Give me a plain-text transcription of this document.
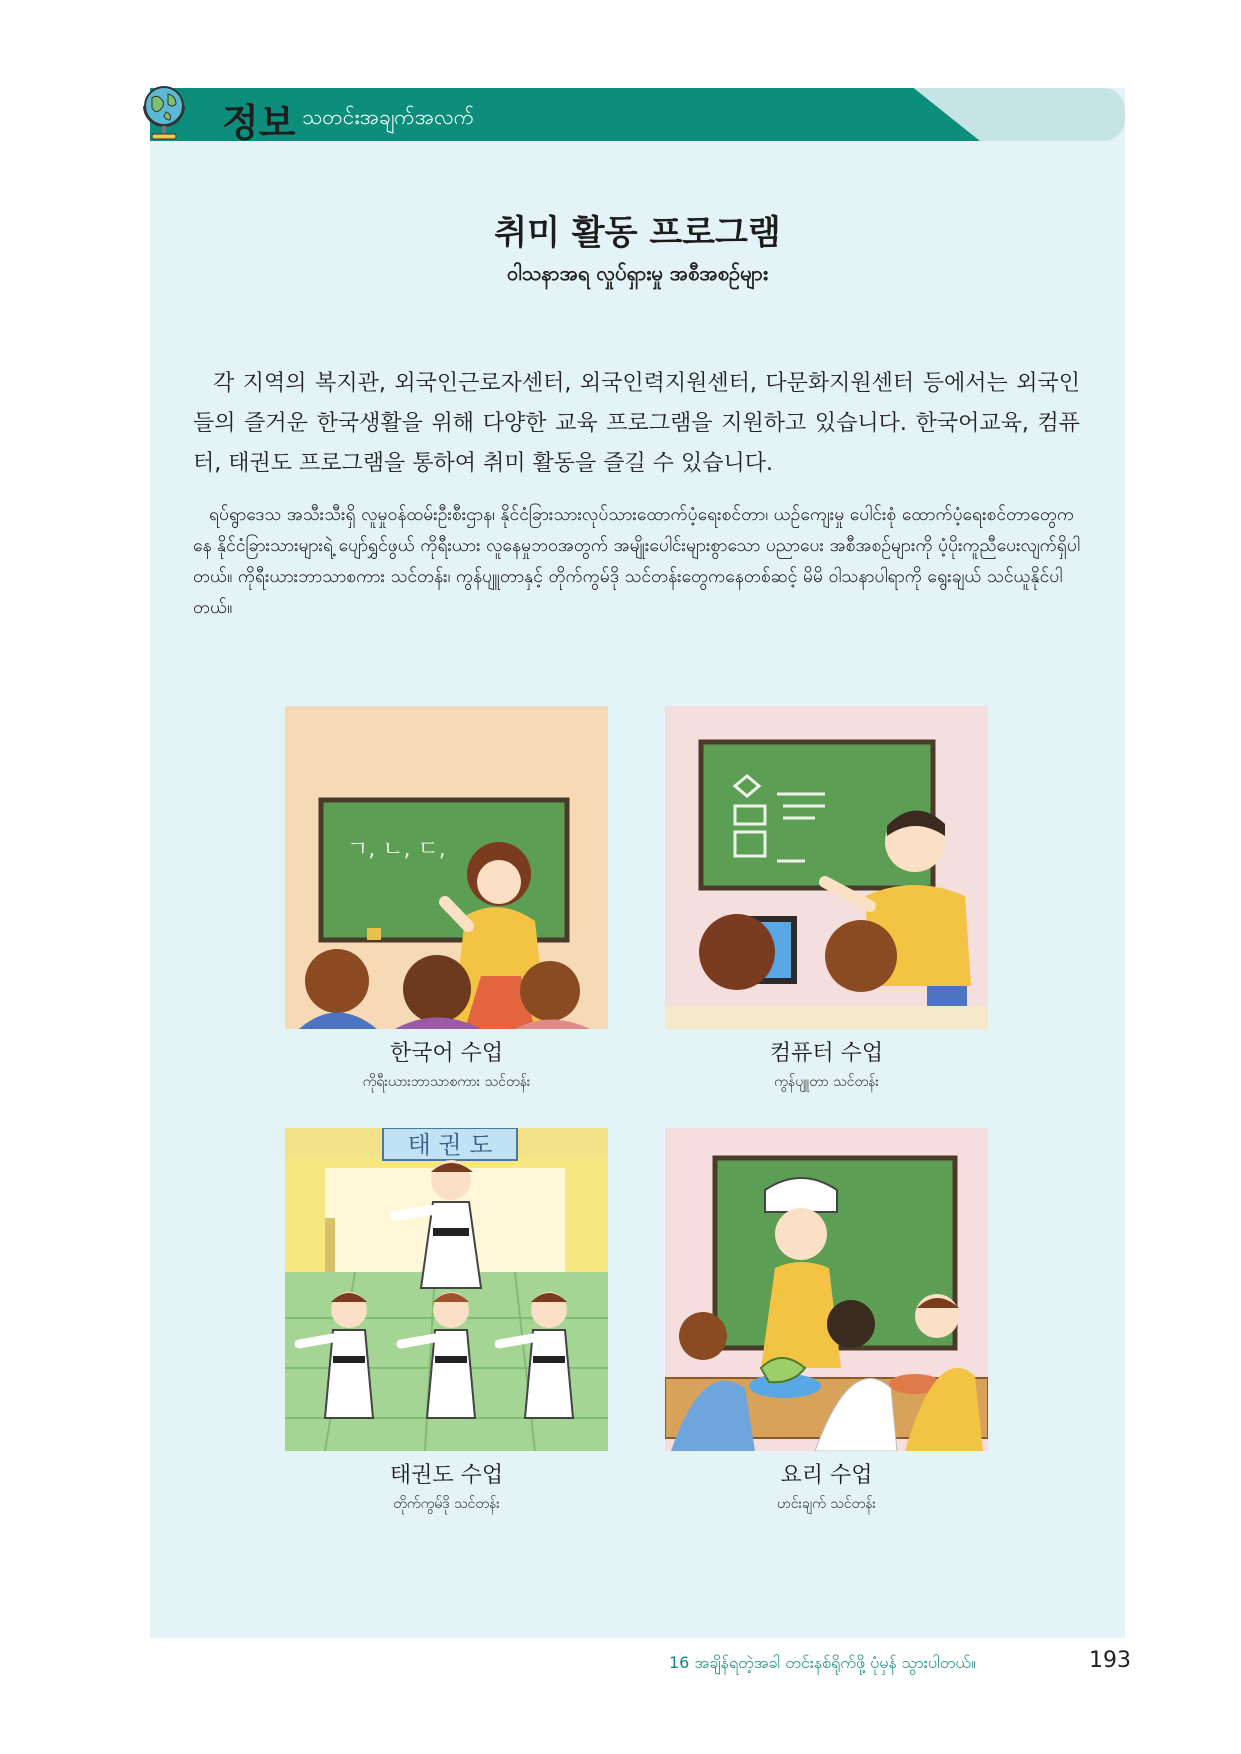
정보 သတင်းအချက်အလက်
취미 활동 프로그램
ဝါသနာအရ လှုပ်ရှားမှု အစီအစဉ်များ
각 지역의 복지관, 외국인근로자센터, 외국인력지원센터, 다문화지원센터 등에서는 외국인들의 즐거운 한국생활을 위해 다양한 교육 프로그램을 지원하고 있습니다. 한국어교육, 컴퓨터, 태권도 프로그램을 통하여 취미 활동을 즐길 수 있습니다.
ရပ်ရွာဒေသ အသီးသီးရှိ လူမှုဝန်ထမ်းဦးစီးဌာန၊ နိုင်ငံခြားသားလုပ်သားထောက်ပံ့ရေးစင်တာ၊ ယဉ်ကျေးမှု ပေါင်းစုံ ထောက်ပံ့ရေးစင်တာတွေကနေ နိုင်ငံခြားသားများရဲ့ ပျော်ရွှင်ဖွယ် ကိုရီးယား လူနေမှုဘဝအတွက် အမျိုးပေါင်းများစွာသော ပညာပေး အစီအစဉ်များကို ပံ့ပိုးကူညီပေးလျက်ရှိပါတယ်။ ကိုရီးယားဘာသာစကား သင်တန်း၊ ကွန်ပျူတာနှင့် တိုက်ကွမ်ဒို သင်တန်းတွေကနေတစ်ဆင့် မိမိ ဝါသနာပါရာကို ရွေးချယ် သင်ယူနိုင်ပါတယ်။
ㄱ, ㄴ, ㄷ,
한국어 수업
ကိုရီးယားဘာသာစကား သင်တန်း
컴퓨터 수업
ကွန်ပျူတာ သင်တန်း
태 권 도
태권도 수업
တိုက်ကွမ်ဒို သင်တန်း
요리 수업
ဟင်းချက် သင်တန်း
16 အချိန်ရတဲ့အခါ တင်းနစ်ရိုက်ဖို့ ပုံမှန် သွားပါတယ်။	193
